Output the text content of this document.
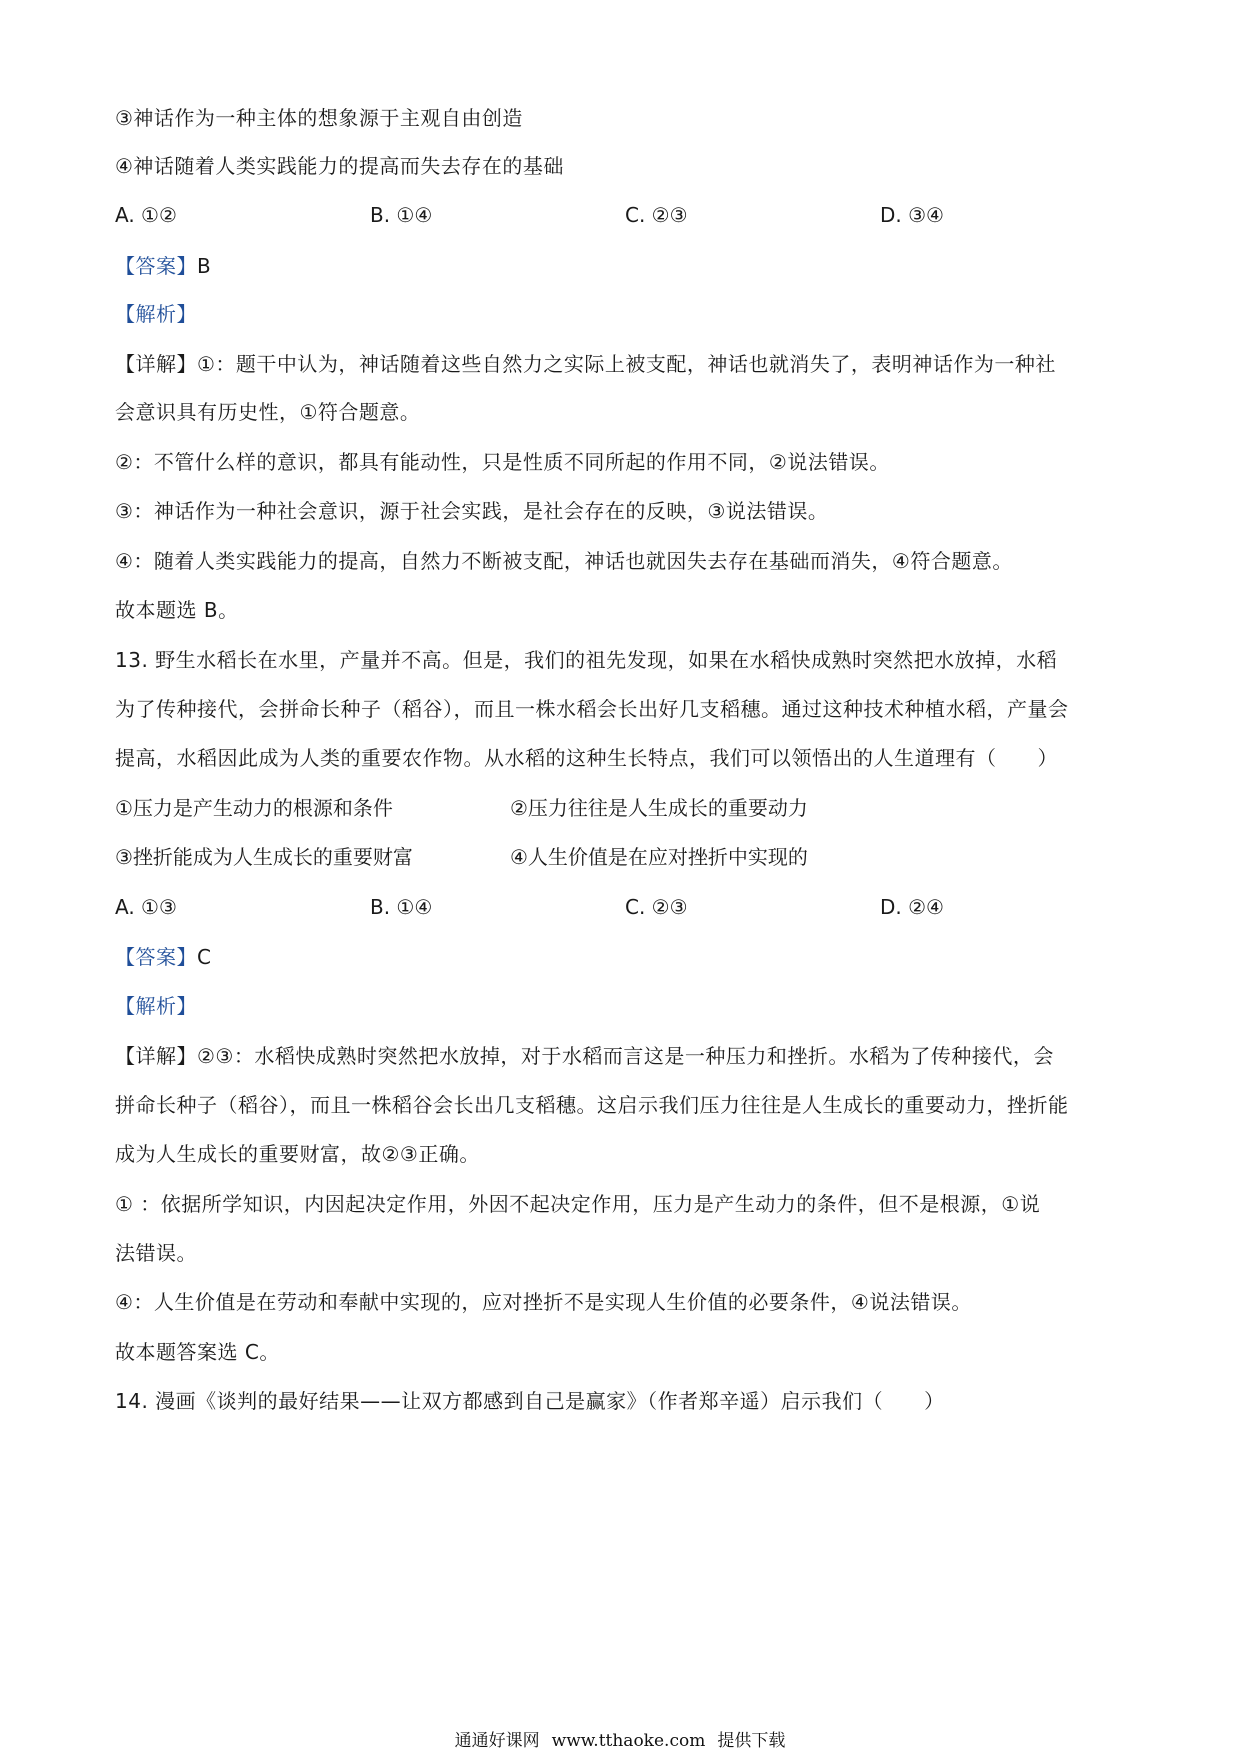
③神话作为一种主体的想象源于主观自由创造
④神话随着人类实践能力的提高而失去存在的基础
A. ①②	B. ①④	C. ②③	D. ③④
【答案】B
【解析】
【详解】①：题干中认为，神话随着这些自然力之实际上被支配，神话也就消失了，表明神话作为一种社
会意识具有历史性，①符合题意。
②：不管什么样的意识，都具有能动性，只是性质不同所起的作用不同，②说法错误。
③：神话作为一种社会意识，源于社会实践，是社会存在的反映，③说法错误。
④：随着人类实践能力的提高，自然力不断被支配，神话也就因失去存在基础而消失，④符合题意。
故本题选 B。
13. 野生水稻长在水里，产量并不高。但是，我们的祖先发现，如果在水稻快成熟时突然把水放掉，水稻
为了传种接代，会拼命长种子（稻谷），而且一株水稻会长出好几支稻穗。通过这种技术种植水稻，产量会
提高，水稻因此成为人类的重要农作物。从水稻的这种生长特点，我们可以领悟出的人生道理有（　　）
①压力是产生动力的根源和条件	②压力往往是人生成长的重要动力
③挫折能成为人生成长的重要财富	④人生价值是在应对挫折中实现的
A. ①③	B. ①④	C. ②③	D. ②④
【答案】C
【解析】
【详解】②③：水稻快成熟时突然把水放掉，对于水稻而言这是一种压力和挫折。水稻为了传种接代，会
拼命长种子（稻谷），而且一株稻谷会长出几支稻穗。这启示我们压力往往是人生成长的重要动力，挫折能
成为人生成长的重要财富，故②③正确。
① ：依据所学知识，内因起决定作用，外因不起决定作用，压力是产生动力的条件，但不是根源，①说
法错误。
④：人生价值是在劳动和奉献中实现的，应对挫折不是实现人生价值的必要条件，④说法错误。
故本题答案选 C。
14. 漫画《谈判的最好结果——让双方都感到自己是赢家》（作者郑辛遥）启示我们（　　）
通通好课网 www.tthaoke.com 提供下载
